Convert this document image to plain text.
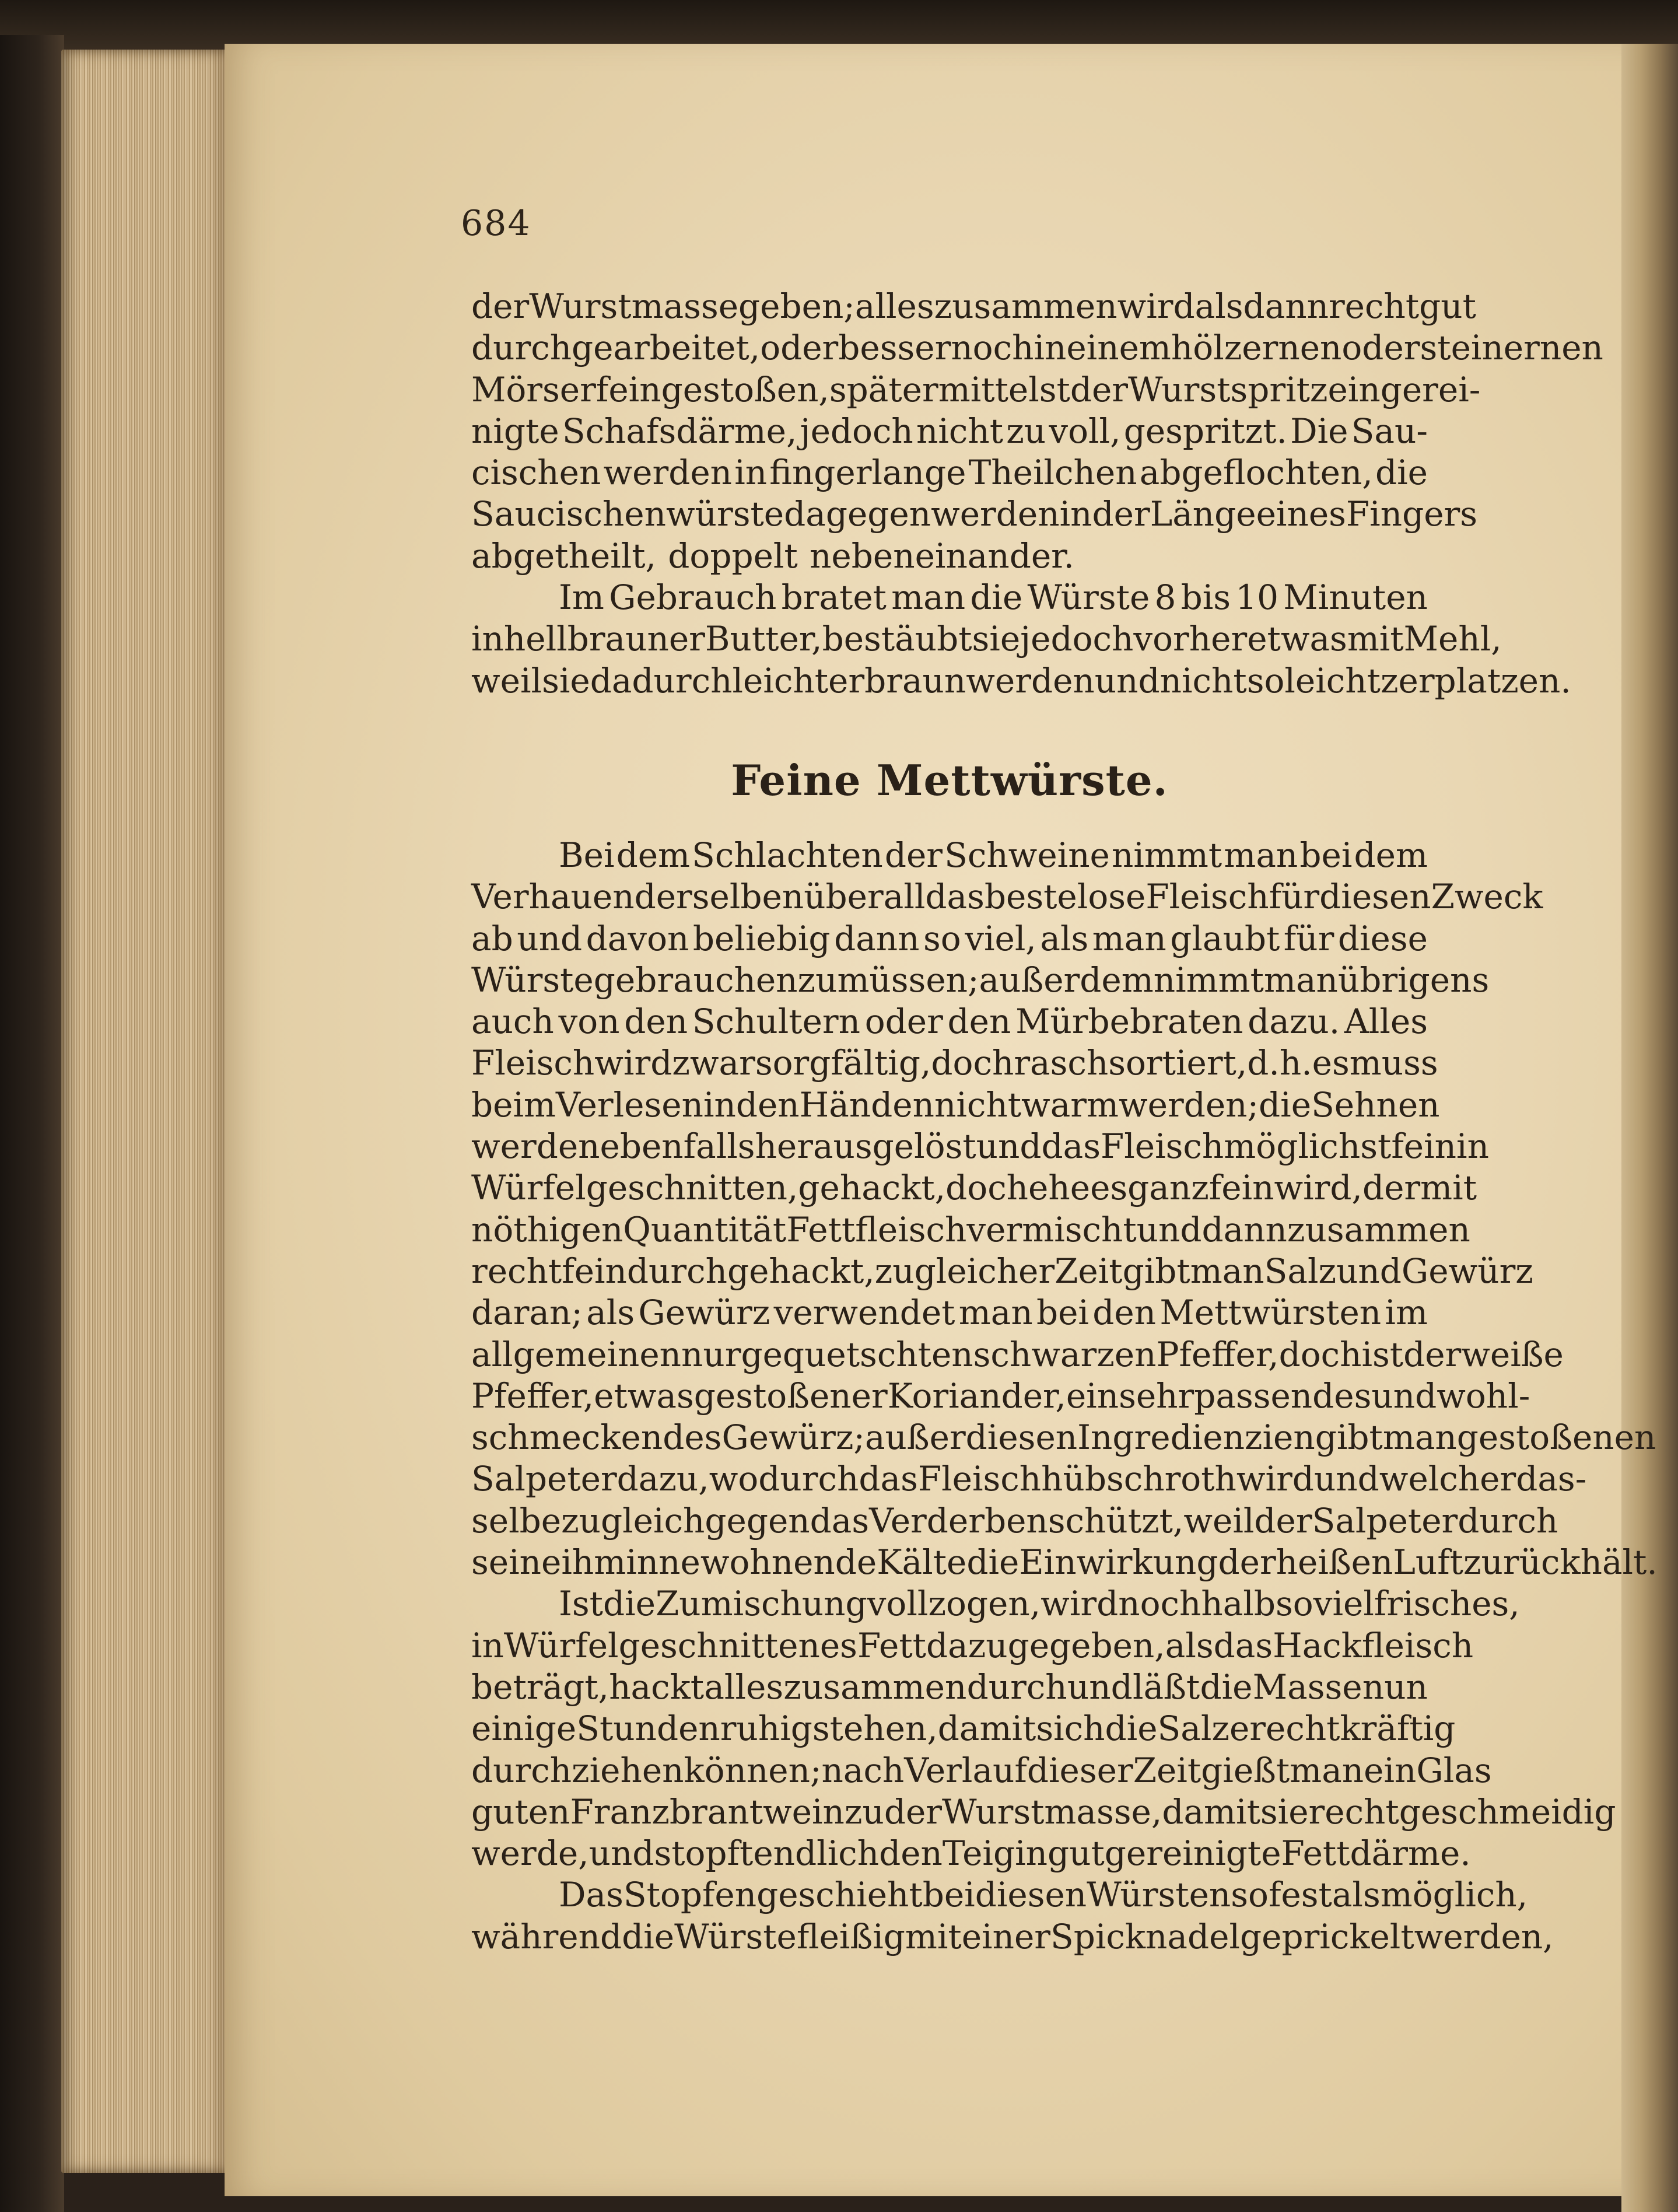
684
der Wurstmasse geben; alles zusammen wird alsdann recht gut
durchgearbeitet, oder besser noch in einem hölzernen oder steinernen
Mörser fein gestoßen, später mittelst der Wurstspritze in gerei-
nigte Schafsdärme, jedoch nicht zu voll, gespritzt. Die Sau-
cischen werden in fingerlange Theilchen abgeflochten, die
Saucischenwürste dagegen werden in der Länge eines Fingers
abgetheilt, doppelt nebeneinander.
Im Gebrauch bratet man die Würste 8 bis 10 Minuten
in hellbrauner Butter, bestäubt sie jedoch vorher etwas mit Mehl,
weil sie dadurch leichter braun werden und nicht so leicht zerplatzen.
Feine Mettwürste.
Bei dem Schlachten der Schweine nimmt man bei dem
Verhauen derselben überall das beste lose Fleisch für diesen Zweck
ab und davon beliebig dann so viel, als man glaubt für diese
Würste gebrauchen zu müssen; außerdem nimmt man übrigens
auch von den Schultern oder den Mürbebraten dazu. Alles
Fleisch wird zwar sorgfältig, doch rasch sortiert, d. h. es muss
beim Verlesen in den Händen nicht warm werden; die Sehnen
werden ebenfalls herausgelöst und das Fleisch möglichst fein in
Würfel geschnitten, gehackt, doch ehe es ganz fein wird, der mit
nöthigen Quantität Fettfleisch vermischt und dann zusammen
recht fein durchgehackt, zu gleicher Zeit gibt man Salz und Gewürz
daran; als Gewürz verwendet man bei den Mettwürsten im
allgemeinen nur gequetschten schwarzen Pfeffer, doch ist der weiße
Pfeffer, etwas gestoßener Koriander, ein sehr passendes und wohl-
schmeckendes Gewürz; außer diesen Ingredienzien gibt man gestoßenen
Salpeter dazu, wodurch das Fleisch hübsch roth wird und welcher das-
selbe zugleich gegen das Verderben schützt, weil der Salpeter durch
seine ihm innewohnende Kälte die Einwirkung der heißen Luft zurückhält.
Ist die Zumischung vollzogen, wird noch halb so viel frisches,
in Würfel geschnittenes Fett dazu gegeben, als das Hackfleisch
beträgt, hackt alles zusammen durch und läßt die Masse nun
einige Stunden ruhig stehen, damit sich die Salze recht kräftig
durchziehen können; nach Verlauf dieser Zeit gießt man ein Glas
guten Franzbrantwein zu der Wurstmasse, damit sie recht geschmeidig
werde, und stopft endlich den Teig in gut gereinigte Fettdärme.
Das Stopfen geschieht bei diesen Würsten so fest als möglich,
während die Würste fleißig mit einer Spicknadel geprickelt werden,
